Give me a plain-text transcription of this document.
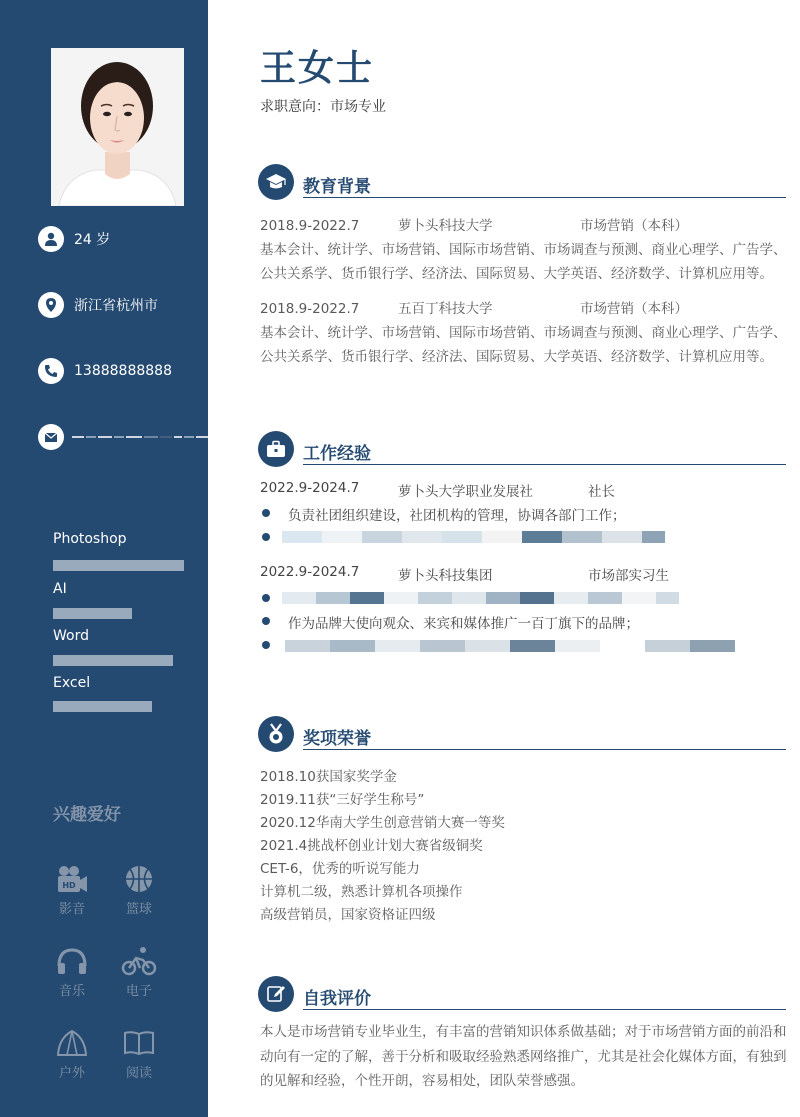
24 岁
浙江省杭州市
13888888888
Photoshop
AI
Word
Excel
兴趣爱好
HD
影音	篮球
音乐	电子
户外	阅读
王女士
求职意向：市场专业
教育背景
2018.9-2022.7	萝卜头科技大学	市场营销（本科）
基本会计、统计学、市场营销、国际市场营销、市场调查与预测、商业心理学、广告学、
公共关系学、货币银行学、经济法、国际贸易、大学英语、经济数学、计算机应用等。
2018.9-2022.7	五百丁科技大学	市场营销（本科）
基本会计、统计学、市场营销、国际市场营销、市场调查与预测、商业心理学、广告学、
公共关系学、货币银行学、经济法、国际贸易、大学英语、经济数学、计算机应用等。
工作经验
2022.9-2024.7	萝卜头大学职业发展社	社长
负责社团组织建设，社团机构的管理，协调各部门工作；
2022.9-2024.7	萝卜头科技集团	市场部实习生
作为品牌大使向观众、来宾和媒体推广一百丁旗下的品牌；
奖项荣誉
2018.10获国家奖学金
2019.11获“三好学生称号”
2020.12华南大学生创意营销大赛一等奖
2021.4挑战杯创业计划大赛省级铜奖
CET-6，优秀的听说写能力
计算机二级，熟悉计算机各项操作
高级营销员，国家资格证四级
自我评价
本人是市场营销专业毕业生，有丰富的营销知识体系做基础；对于市场营销方面的前沿和
动向有一定的了解，善于分析和吸取经验熟悉网络推广，尤其是社会化媒体方面，有独到
的见解和经验，个性开朗，容易相处，团队荣誉感强。
